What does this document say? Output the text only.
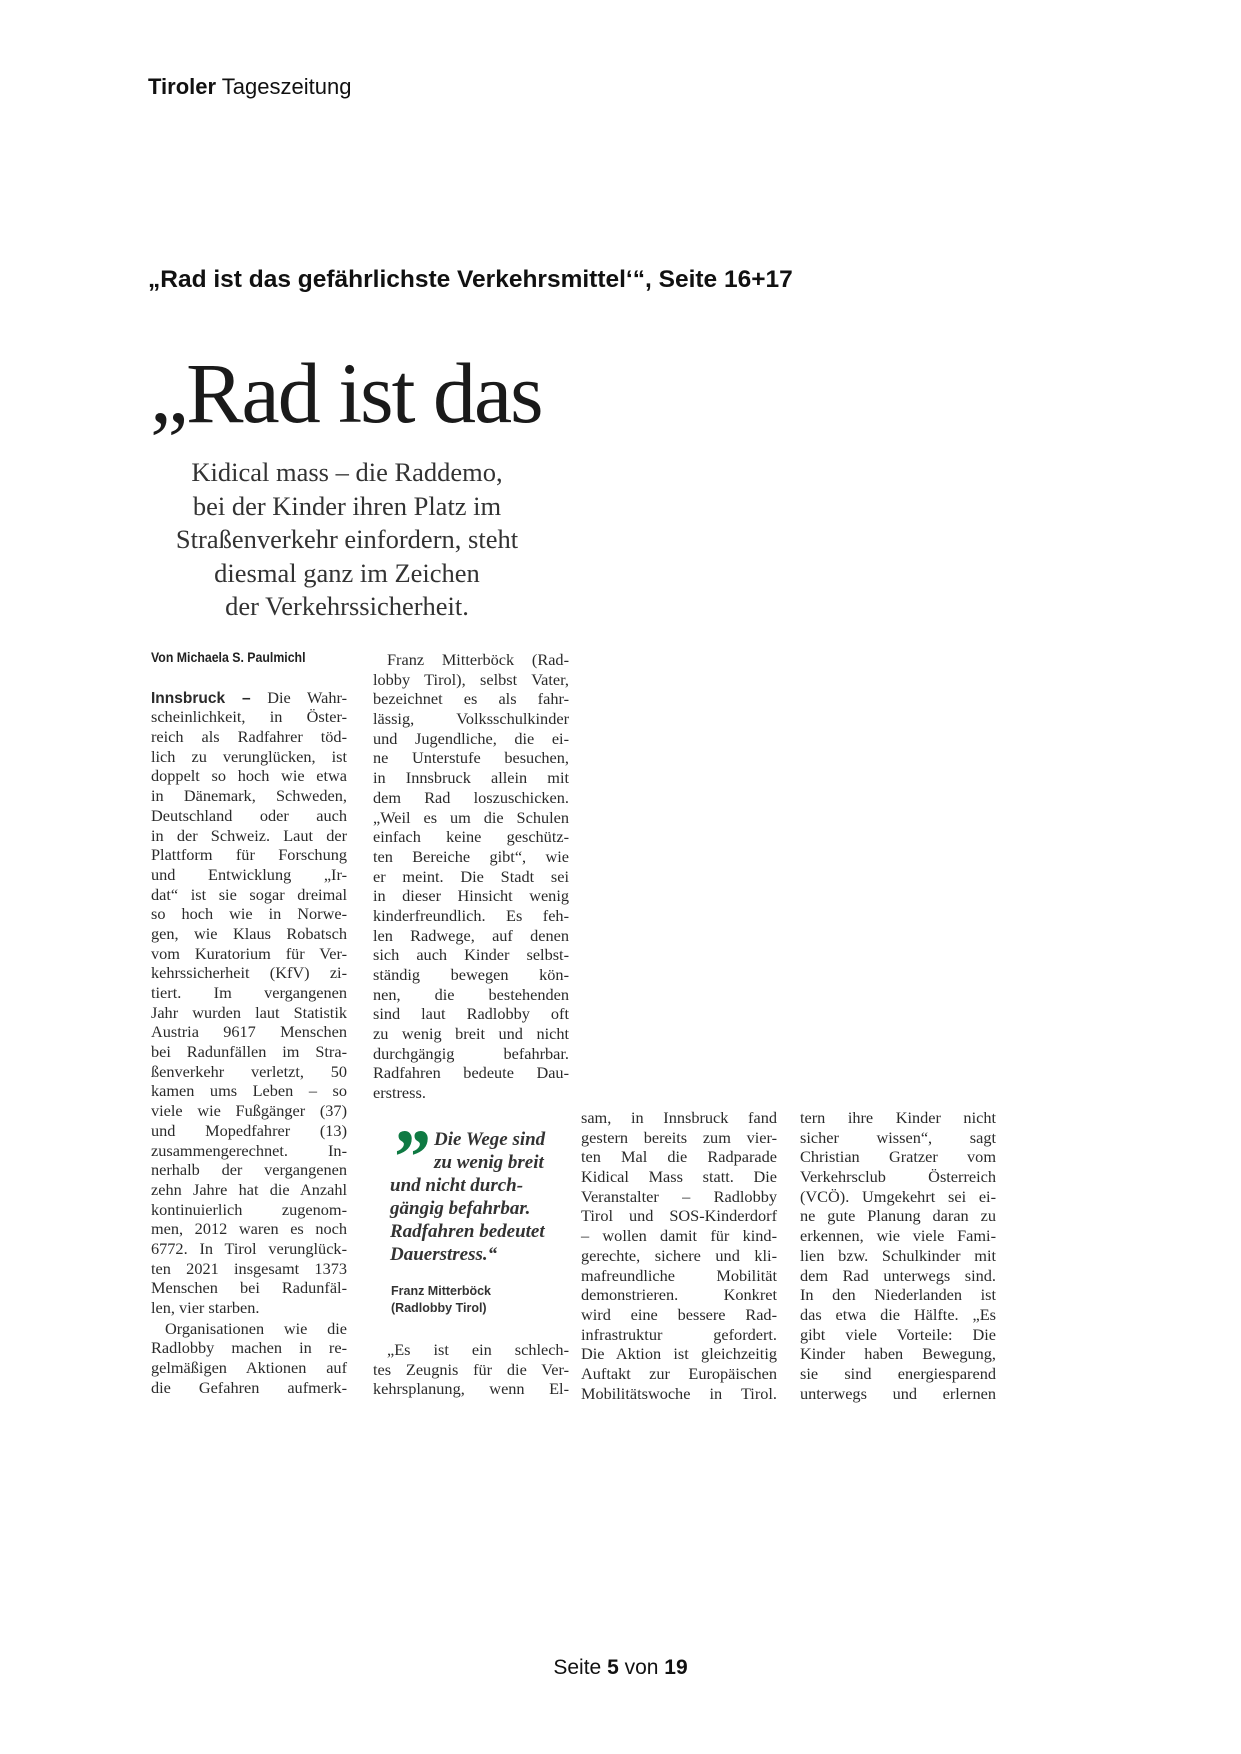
Tiroler Tageszeitung
„Rad ist das gefährlichste Verkehrsmittel‘“, Seite 16+17
„Rad ist das
Kidical mass – die Raddemo,
bei der Kinder ihren Platz im
Straßenverkehr einfordern, steht
diesmal ganz im Zeichen
der Verkehrssicherheit.
Von Michaela S. Paulmichl
Innsbruck – Die Wahr-
scheinlichkeit, in Öster-
reich als Radfahrer töd-
lich zu verunglücken, ist
doppelt so hoch wie etwa
in Dänemark, Schweden,
Deutschland oder auch
in der Schweiz. Laut der
Plattform für Forschung
und Entwicklung „Ir-
dat“ ist sie sogar dreimal
so hoch wie in Norwe-
gen, wie Klaus Robatsch
vom Kuratorium für Ver-
kehrssicherheit (KfV) zi-
tiert. Im vergangenen
Jahr wurden laut Statistik
Austria 9617 Menschen
bei Radunfällen im Stra-
ßenverkehr verletzt, 50
kamen ums Leben – so
viele wie Fußgänger (37)
und Mopedfahrer (13)
zusammengerechnet. In-
nerhalb der vergangenen
zehn Jahre hat die Anzahl
kontinuierlich zugenom-
men, 2012 waren es noch
6772. In Tirol verunglück-
ten 2021 insgesamt 1373
Menschen bei Radunfäl-
len, vier starben.
Organisationen wie die
Radlobby machen in re-
gelmäßigen Aktionen auf
die Gefahren aufmerk-
Franz Mitterböck (Rad-
lobby Tirol), selbst Vater,
bezeichnet es als fahr-
lässig, Volksschulkinder
und Jugendliche, die ei-
ne Unterstufe besuchen,
in Innsbruck allein mit
dem Rad loszuschicken.
„Weil es um die Schulen
einfach keine geschütz-
ten Bereiche gibt“, wie
er meint. Die Stadt sei
in dieser Hinsicht wenig
kinderfreundlich. Es feh-
len Radwege, auf denen
sich auch Kinder selbst-
ständig bewegen kön-
nen, die bestehenden
sind laut Radlobby oft
zu wenig breit und nicht
durchgängig befahrbar.
Radfahren bedeute Dau-
erstress.
” Die Wege sind
zu wenig breit
und nicht durch-
gängig befahrbar.
Radfahren bedeutet
Dauerstress.“
Franz Mitterböck
(Radlobby Tirol)
„Es ist ein schlech-
tes Zeugnis für die Ver-
kehrsplanung, wenn El-
sam, in Innsbruck fand
gestern bereits zum vier-
ten Mal die Radparade
Kidical Mass statt. Die
Veranstalter – Radlobby
Tirol und SOS-Kinderdorf
– wollen damit für kind-
gerechte, sichere und kli-
mafreundliche Mobilität
demonstrieren. Konkret
wird eine bessere Rad-
infrastruktur gefordert.
Die Aktion ist gleichzeitig
Auftakt zur Europäischen
Mobilitätswoche in Tirol.
tern ihre Kinder nicht
sicher wissen“, sagt
Christian Gratzer vom
Verkehrsclub Österreich
(VCÖ). Umgekehrt sei ei-
ne gute Planung daran zu
erkennen, wie viele Fami-
lien bzw. Schulkinder mit
dem Rad unterwegs sind.
In den Niederlanden ist
das etwa die Hälfte. „Es
gibt viele Vorteile: Die
Kinder haben Bewegung,
sie sind energiesparend
unterwegs und erlernen
Seite 5 von 19
